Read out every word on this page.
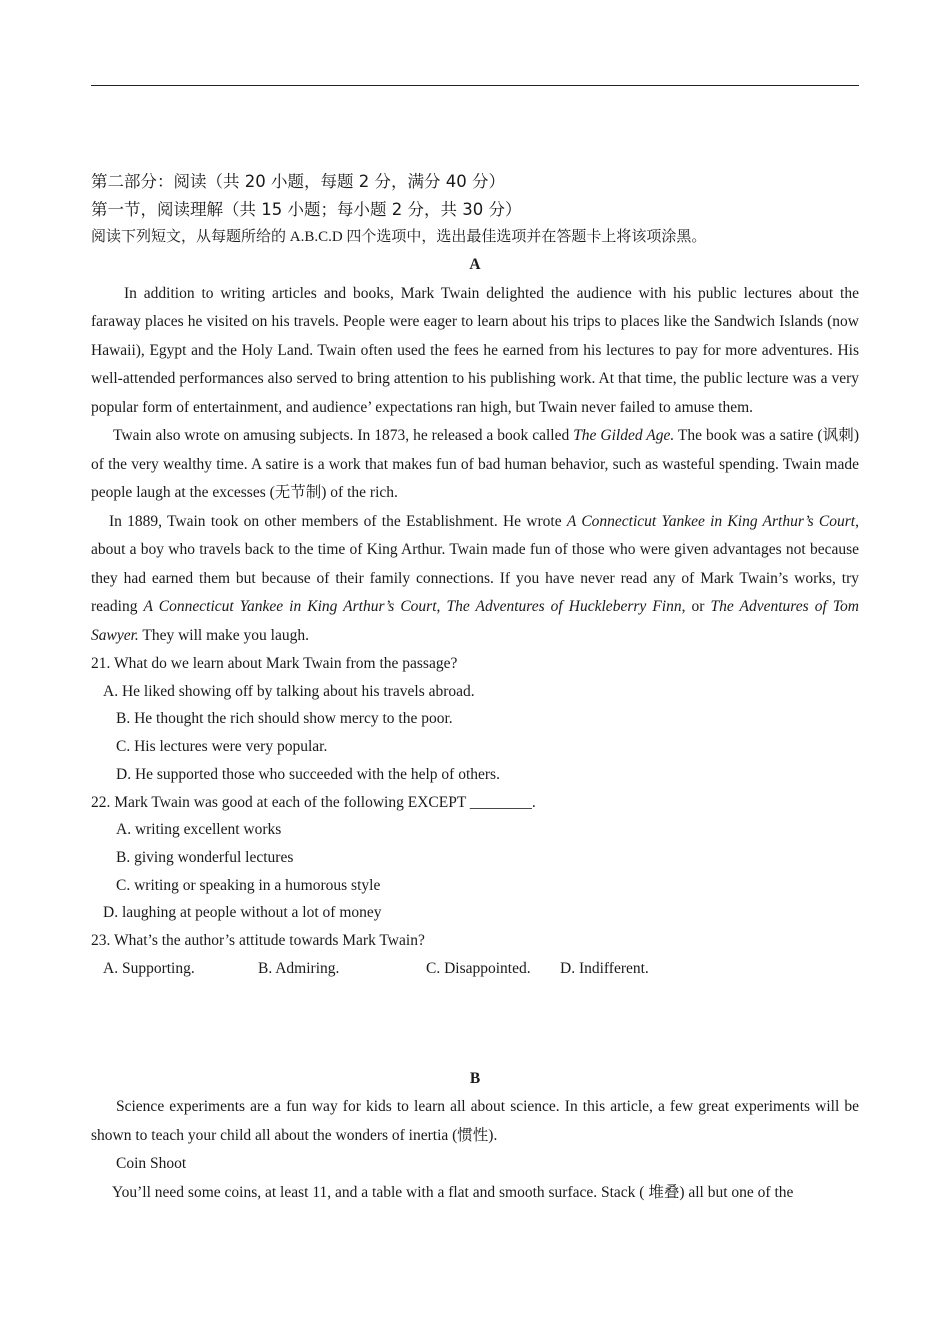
第二部分：阅读（共 20 小题，每题 2 分，满分 40 分）

第一节，阅读理解（共 15 小题；每小题 2 分，共 30 分）

阅读下列短文，从每题所给的 A.B.C.D 四个选项中，选出最佳选项并在答题卡上将该项涂黑。

A

In addition to writing articles and books, Mark Twain delighted the audience with his public lectures about the faraway places he visited on his travels. People were eager to learn about his trips to places like the Sandwich Islands (now Hawaii), Egypt and the Holy Land. Twain often used the fees he earned from his lectures to pay for more adventures. His well-attended performances also served to bring attention to his publishing work. At that time, the public lecture was a very popular form of entertainment, and audience’ expectations ran high, but Twain never failed to amuse them.

Twain also wrote on amusing subjects. In 1873, he released a book called The Gilded Age. The book was a satire (讽刺) of the very wealthy time. A satire is a work that makes fun of bad human behavior, such as wasteful spending. Twain made people laugh at the excesses (无节制) of the rich.

In 1889, Twain took on other members of the Establishment. He wrote A Connecticut Yankee in King Arthur’s Court, about a boy who travels back to the time of King Arthur. Twain made fun of those who were given advantages not because they had earned them but because of their family connections. If you have never read any of Mark Twain’s works, try reading A Connecticut Yankee in King Arthur’s Court, The Adventures of Huckleberry Finn, or The Adventures of Tom Sawyer. They will make you laugh.

21. What do we learn about Mark Twain from the passage?

A. He liked showing off by talking about his travels abroad.

B. He thought the rich should show mercy to the poor.

C. His lectures were very popular.

D. He supported those who succeeded with the help of others.

22. Mark Twain was good at each of the following EXCEPT ________.

A. writing excellent works

B. giving wonderful lectures

C. writing or speaking in a humorous style

D. laughing at people without a lot of money

23. What’s the author’s attitude towards Mark Twain?

A. Supporting.	B. Admiring.	C. Disappointed. D. Indifferent.

B

Science experiments are a fun way for kids to learn all about science. In this article, a few great experiments will be shown to teach your child all about the wonders of inertia (惯性).

Coin Shoot

You’ll need some coins, at least 11, and a table with a flat and smooth surface. Stack ( 堆叠) all but one of the
